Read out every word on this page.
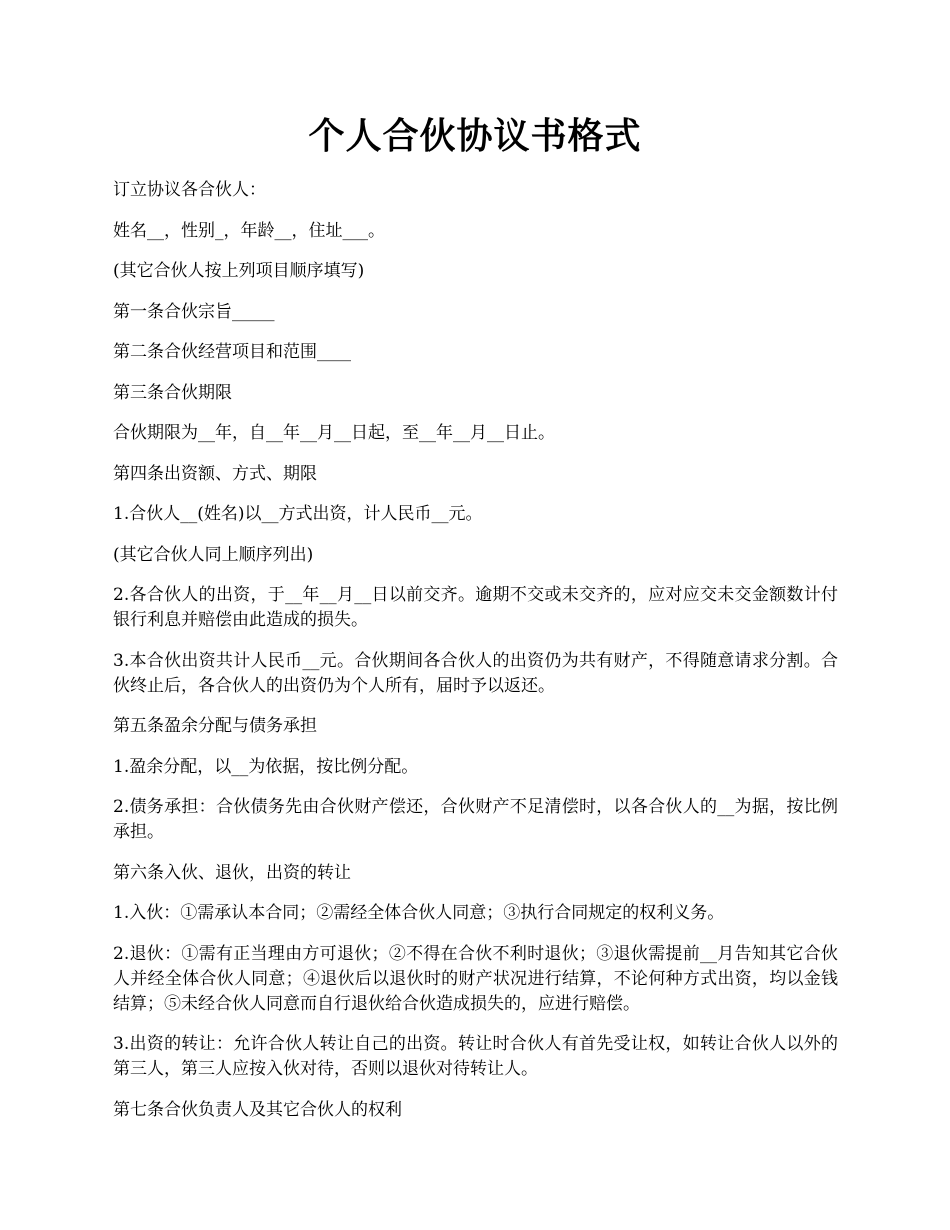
个人合伙协议书格式

订立协议各合伙人：

姓名__，性别_，年龄__，住址___。

(其它合伙人按上列项目顺序填写)

第一条合伙宗旨_____

第二条合伙经营项目和范围____

第三条合伙期限

合伙期限为__年，自__年__月__日起，至__年__月__日止。

第四条出资额、方式、期限

1.合伙人__(姓名)以__方式出资，计人民币__元。

(其它合伙人同上顺序列出)

2.各合伙人的出资，于__年__月__日以前交齐。逾期不交或未交齐的，应对应交未交金额数计付银行利息并赔偿由此造成的损失。

3.本合伙出资共计人民币__元。合伙期间各合伙人的出资仍为共有财产，不得随意请求分割。合伙终止后，各合伙人的出资仍为个人所有，届时予以返还。

第五条盈余分配与债务承担

1.盈余分配，以__为依据，按比例分配。

2.债务承担：合伙债务先由合伙财产偿还，合伙财产不足清偿时，以各合伙人的__为据，按比例承担。

第六条入伙、退伙，出资的转让

1.入伙：①需承认本合同；②需经全体合伙人同意；③执行合同规定的权利义务。

2.退伙：①需有正当理由方可退伙；②不得在合伙不利时退伙；③退伙需提前__月告知其它合伙人并经全体合伙人同意；④退伙后以退伙时的财产状况进行结算，不论何种方式出资，均以金钱结算；⑤未经合伙人同意而自行退伙给合伙造成损失的，应进行赔偿。

3.出资的转让：允许合伙人转让自己的出资。转让时合伙人有首先受让权，如转让合伙人以外的第三人，第三人应按入伙对待，否则以退伙对待转让人。

第七条合伙负责人及其它合伙人的权利
